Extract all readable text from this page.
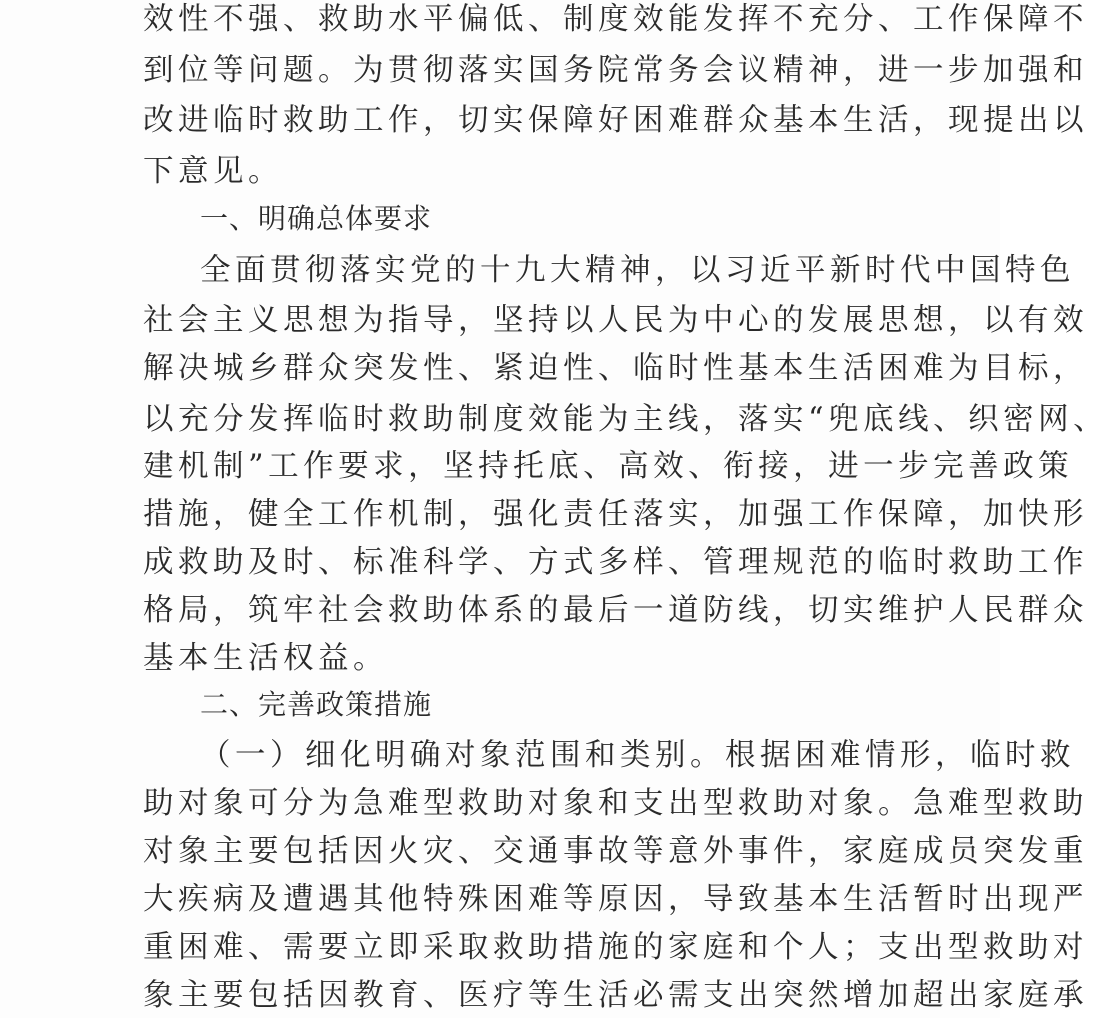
效性不强、救助水平偏低、制度效能发挥不充分、工作保障不
到位等问题。为贯彻落实国务院常务会议精神，进一步加强和
改进临时救助工作，切实保障好困难群众基本生活，现提出以
下意见。
一、明确总体要求
全面贯彻落实党的十九大精神，以习近平新时代中国特色
社会主义思想为指导，坚持以人民为中心的发展思想，以有效
解决城乡群众突发性、紧迫性、临时性基本生活困难为目标，
以充分发挥临时救助制度效能为主线，落实“兜底线、织密网、
建机制”工作要求，坚持托底、高效、衔接，进一步完善政策
措施，健全工作机制，强化责任落实，加强工作保障，加快形
成救助及时、标准科学、方式多样、管理规范的临时救助工作
格局，筑牢社会救助体系的最后一道防线，切实维护人民群众
基本生活权益。
二、完善政策措施
（一）细化明确对象范围和类别。根据困难情形，临时救
助对象可分为急难型救助对象和支出型救助对象。急难型救助
对象主要包括因火灾、交通事故等意外事件，家庭成员突发重
大疾病及遭遇其他特殊困难等原因，导致基本生活暂时出现严
重困难、需要立即采取救助措施的家庭和个人；支出型救助对
象主要包括因教育、医疗等生活必需支出突然增加超出家庭承
